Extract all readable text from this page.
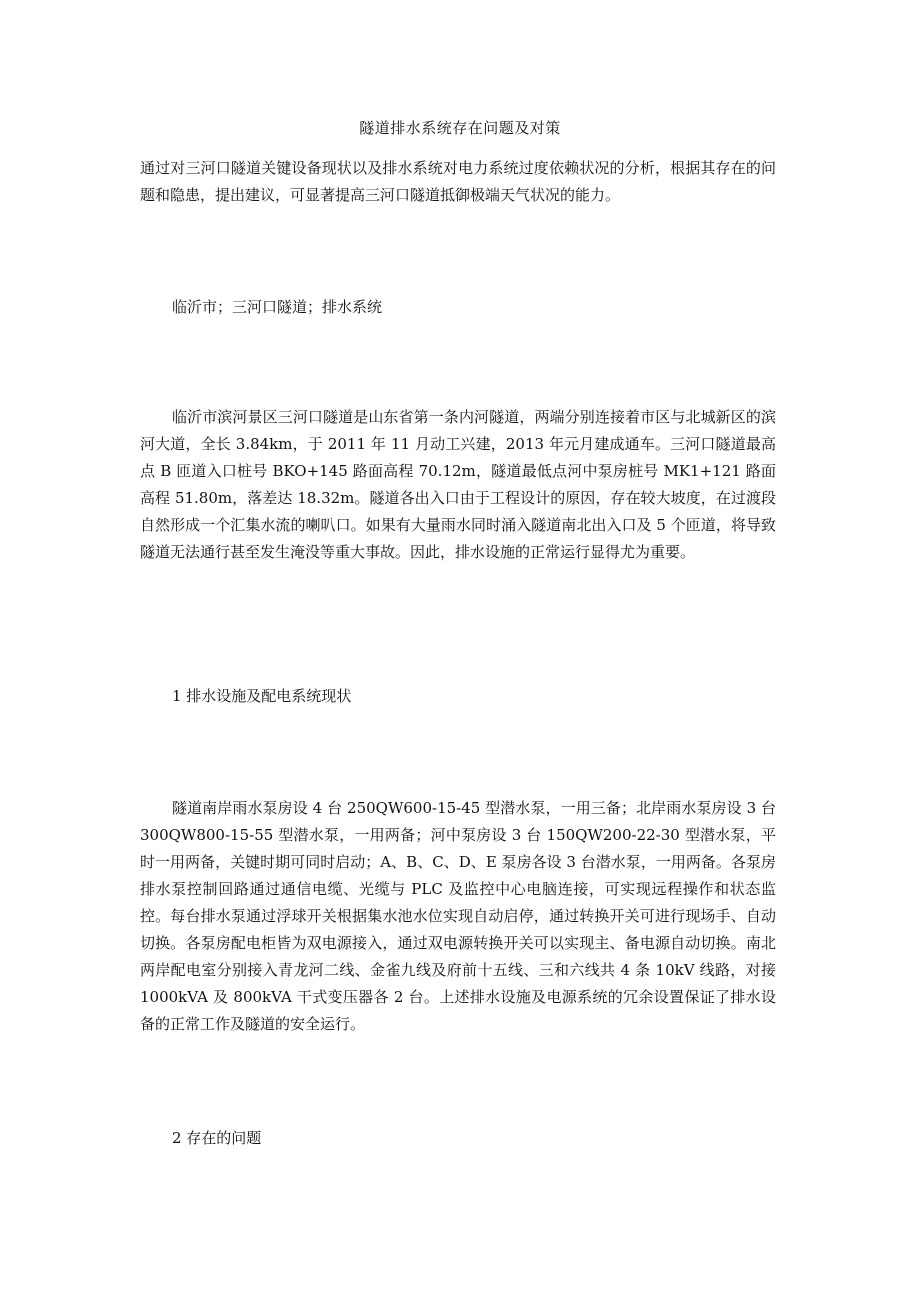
隧道排水系统存在问题及对策

通过对三河口隧道关键设备现状以及排水系统对电力系统过度依赖状况的分析，根据其存在的问题和隐患，提出建议，可显著提高三河口隧道抵御极端天气状况的能力。

临沂市；三河口隧道；排水系统

临沂市滨河景区三河口隧道是山东省第一条内河隧道，两端分别连接着市区与北城新区的滨河大道，全长 3.84km，于 2011 年 11 月动工兴建，2013 年元月建成通车。三河口隧道最高点 B 匝道入口桩号 BKO+145 路面高程 70.12m，隧道最低点河中泵房桩号 MK1+121 路面高程 51.80m，落差达 18.32m。隧道各出入口由于工程设计的原因，存在较大坡度，在过渡段自然形成一个汇集水流的喇叭口。如果有大量雨水同时涌入隧道南北出入口及 5 个匝道，将导致隧道无法通行甚至发生淹没等重大事故。因此，排水设施的正常运行显得尤为重要。

1 排水设施及配电系统现状

隧道南岸雨水泵房设 4 台 250QW600-15-45 型潜水泵，一用三备；北岸雨水泵房设 3 台 300QW800-15-55 型潜水泵，一用两备；河中泵房设 3 台 150QW200-22-30 型潜水泵，平时一用两备，关键时期可同时启动；A、B、C、D、E 泵房各设 3 台潜水泵，一用两备。各泵房排水泵控制回路通过通信电缆、光缆与 PLC 及监控中心电脑连接，可实现远程操作和状态监控。每台排水泵通过浮球开关根据集水池水位实现自动启停，通过转换开关可进行现场手、自动切换。各泵房配电柜皆为双电源接入，通过双电源转换开关可以实现主、备电源自动切换。南北两岸配电室分别接入青龙河二线、金雀九线及府前十五线、三和六线共 4 条 10kV 线路，对接 1000kVA 及 800kVA 干式变压器各 2 台。上述排水设施及电源系统的冗余设置保证了排水设备的正常工作及隧道的安全运行。

2 存在的问题
